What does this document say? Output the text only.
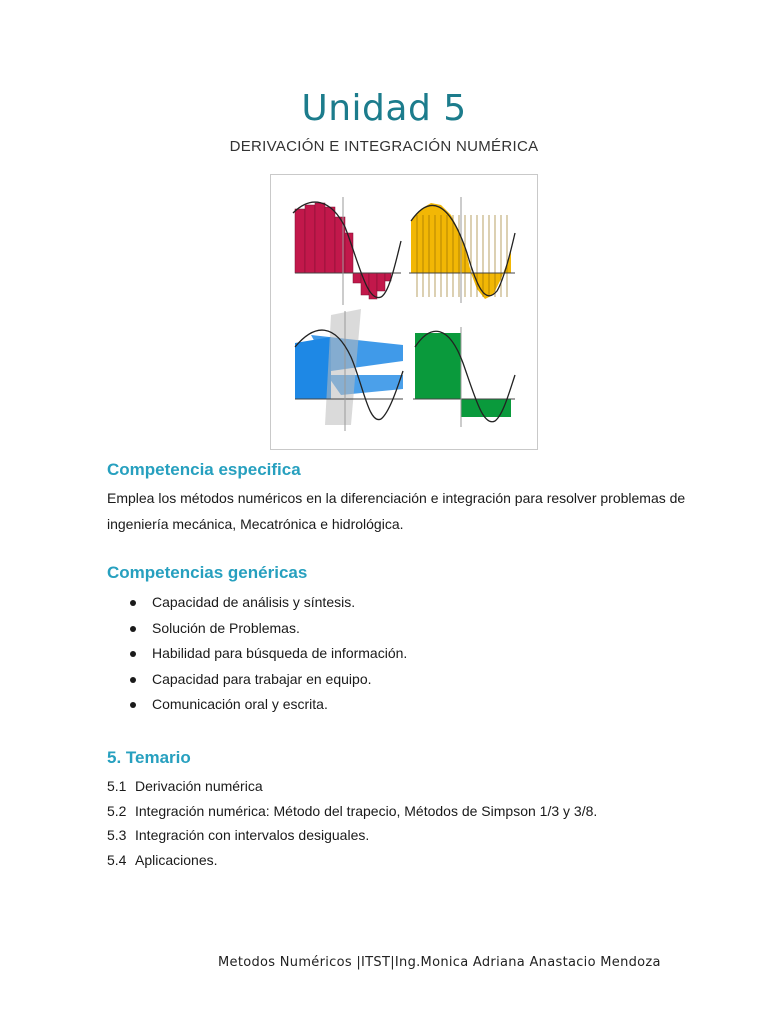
Unidad 5
DERIVACIÓN E INTEGRACIÓN NUMÉRICA
Competencia especifica
Emplea los métodos numéricos en la diferenciación e integración para resolver problemas de ingeniería mecánica, Mecatrónica e hidrológica.
Competencias genéricas
Capacidad de análisis y síntesis.
Solución de Problemas.
Habilidad para búsqueda de información.
Capacidad para trabajar en equipo.
Comunicación oral y escrita.
5. Temario
5.1 Derivación numérica
5.2 Integración numérica: Método del trapecio, Métodos de Simpson 1/3 y 3/8.
5.3 Integración con intervalos desiguales.
5.4 Aplicaciones.
Metodos Numéricos |ITST|Ing.Monica Adriana Anastacio Mendoza
